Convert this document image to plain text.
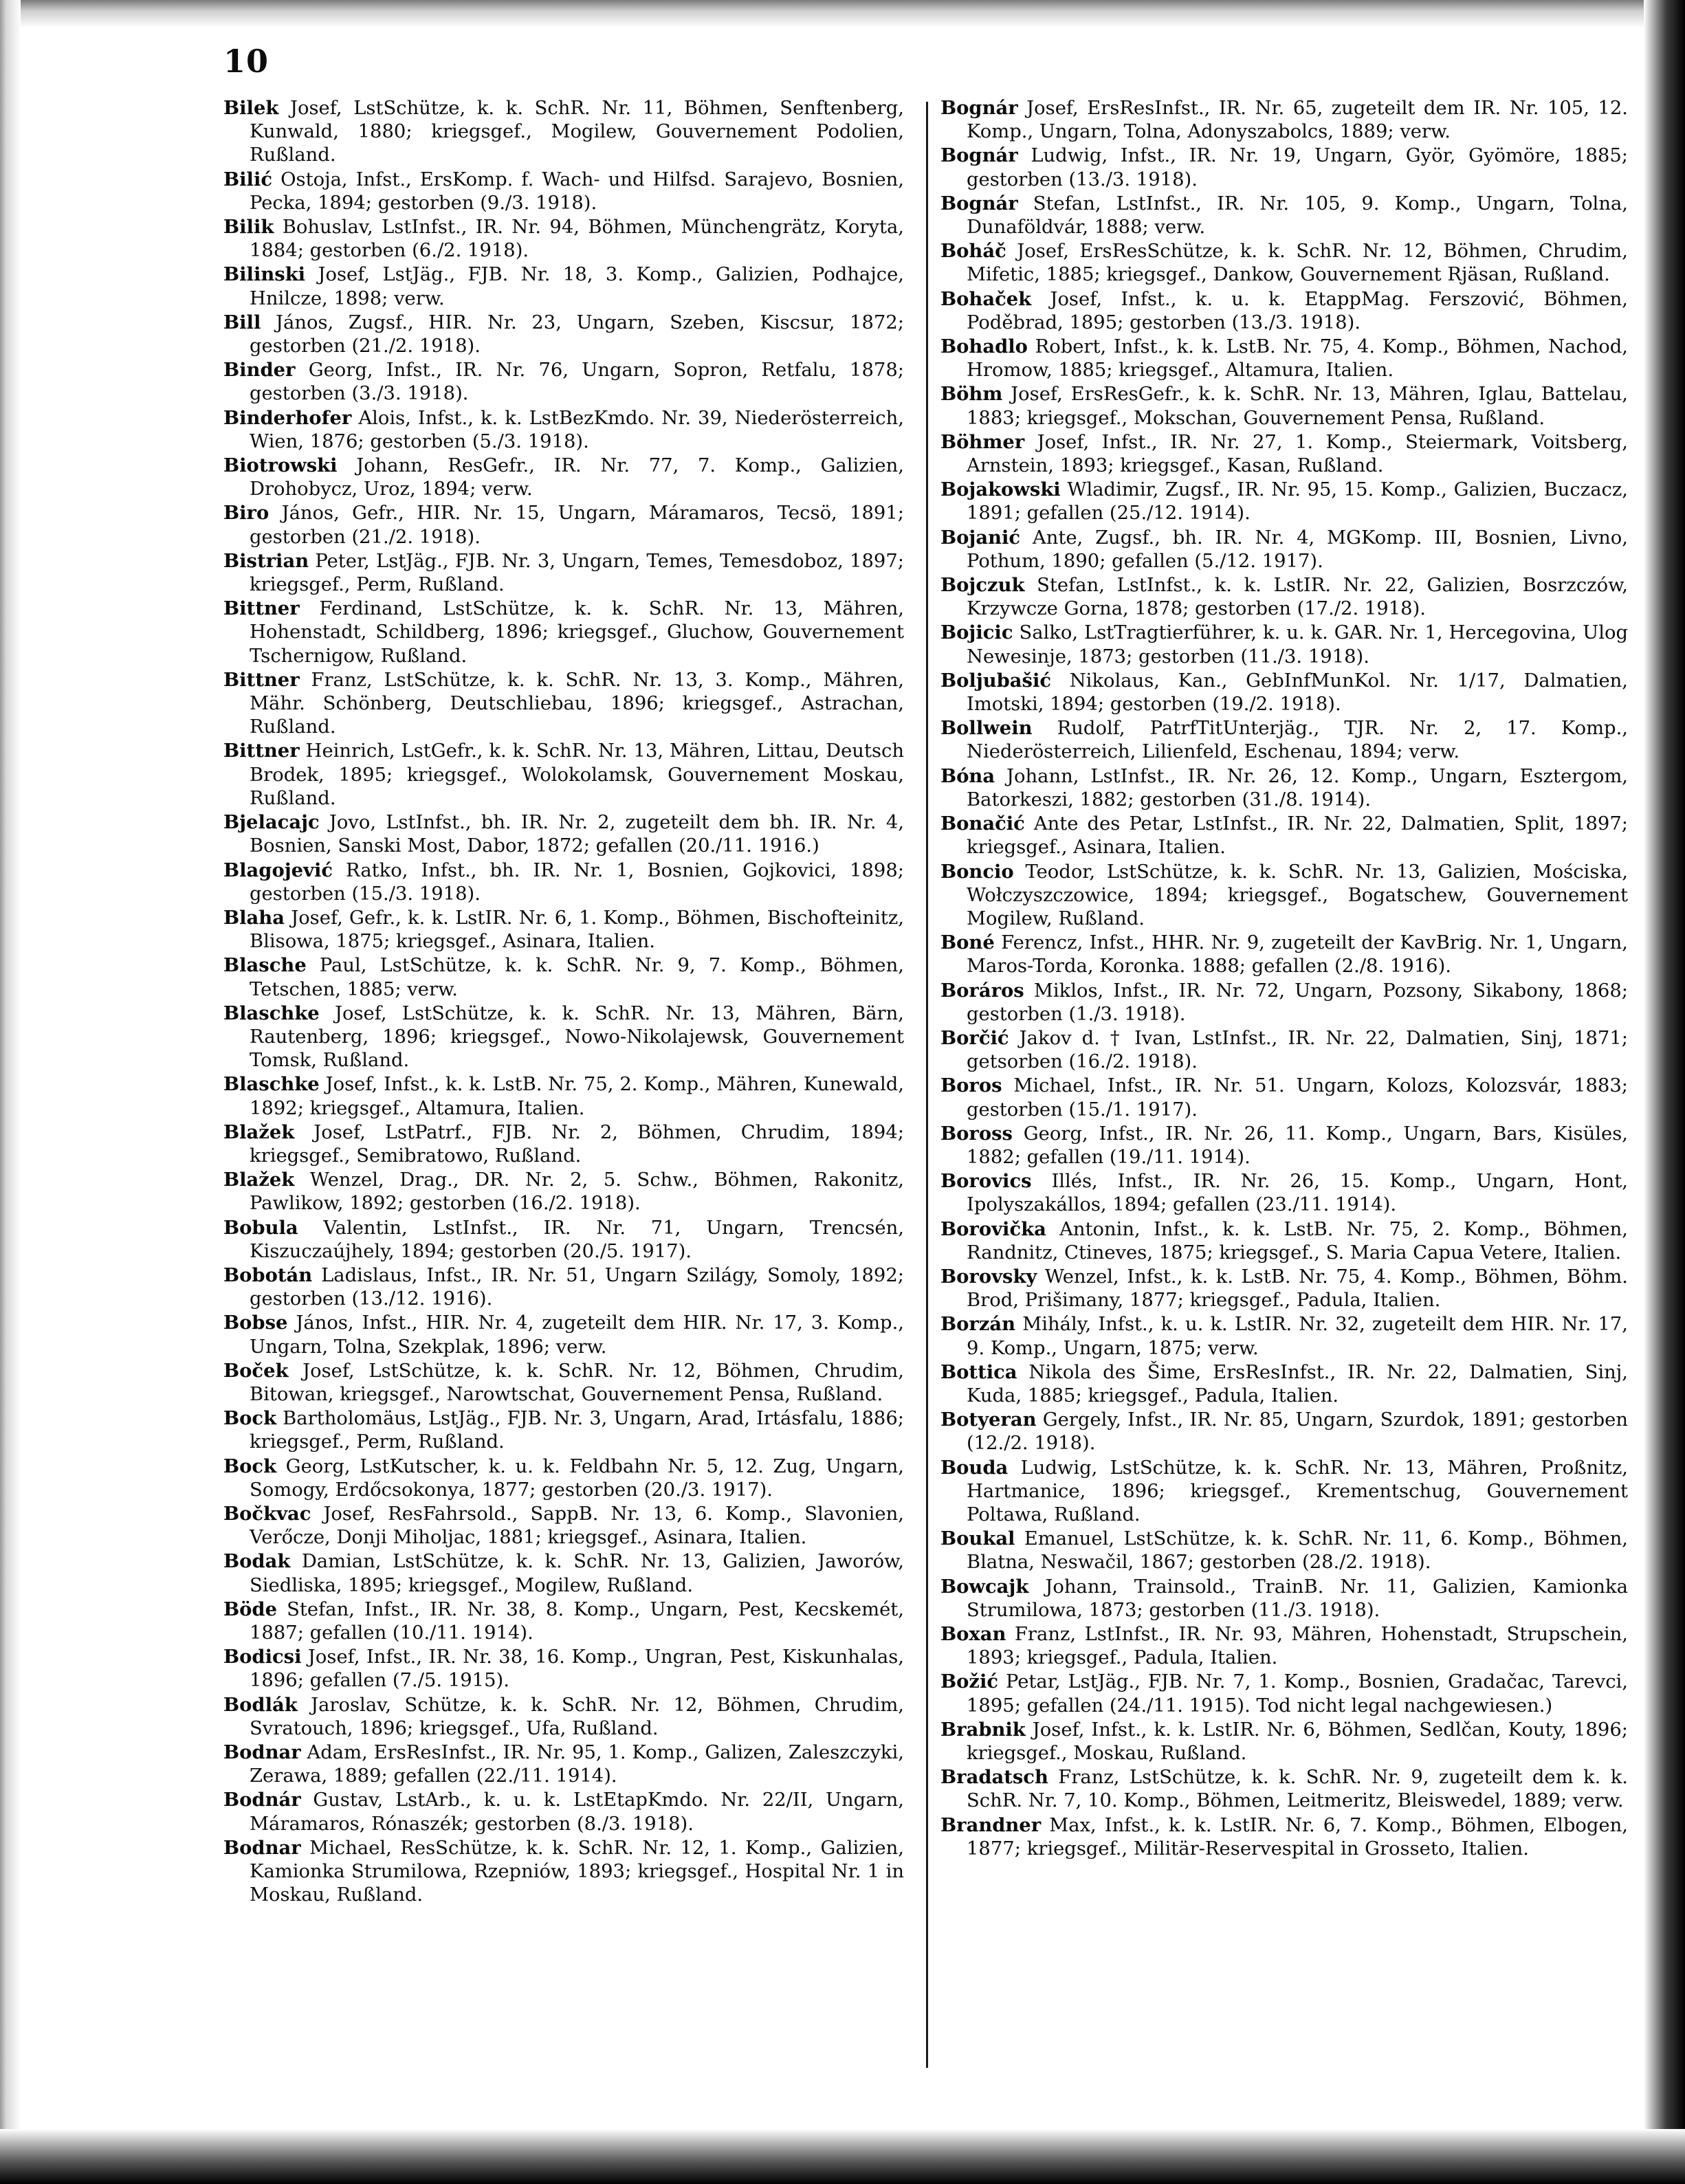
10

Bilek Josef, LstSchütze, k. k. SchR. Nr. 11, Böhmen, Senftenberg, Kunwald, 1880; kriegsgef., Mogilew, Gouvernement Podolien, Rußland.

Bilić Ostoja, Infst., ErsKomp. f. Wach- und Hilfsd. Sarajevo, Bosnien, Pecka, 1894; gestorben (9./3. 1918).

Bilik Bohuslav, LstInfst., IR. Nr. 94, Böhmen, Münchengrätz, Koryta, 1884; gestorben (6./2. 1918).

Bilinski Josef, LstJäg., FJB. Nr. 18, 3. Komp., Galizien, Podhajce, Hnilcze, 1898; verw.

Bill János, Zugsf., HIR. Nr. 23, Ungarn, Szeben, Kiscsur, 1872; gestorben (21./2. 1918).

Binder Georg, Infst., IR. Nr. 76, Ungarn, Sopron, Retfalu, 1878; gestorben (3./3. 1918).

Binderhofer Alois, Infst., k. k. LstBezKmdo. Nr. 39, Niederösterreich, Wien, 1876; gestorben (5./3. 1918).

Biotrowski Johann, ResGefr., IR. Nr. 77, 7. Komp., Galizien, Drohobycz, Uroz, 1894; verw.

Biro János, Gefr., HIR. Nr. 15, Ungarn, Máramaros, Tecsö, 1891; gestorben (21./2. 1918).

Bistrian Peter, LstJäg., FJB. Nr. 3, Ungarn, Temes, Temesdoboz, 1897; kriegsgef., Perm, Rußland.

Bittner Ferdinand, LstSchütze, k. k. SchR. Nr. 13, Mähren, Hohenstadt, Schildberg, 1896; kriegsgef., Gluchow, Gouvernement Tschernigow, Rußland.

Bittner Franz, LstSchütze, k. k. SchR. Nr. 13, 3. Komp., Mähren, Mähr. Schönberg, Deutschliebau, 1896; kriegsgef., Astrachan, Rußland.

Bittner Heinrich, LstGefr., k. k. SchR. Nr. 13, Mähren, Littau, Deutsch Brodek, 1895; kriegsgef., Wolokolamsk, Gouvernement Moskau, Rußland.

Bjelacajc Jovo, LstInfst., bh. IR. Nr. 2, zugeteilt dem bh. IR. Nr. 4, Bosnien, Sanski Most, Dabor, 1872; gefallen (20./11. 1916.)

Blagojević Ratko, Infst., bh. IR. Nr. 1, Bosnien, Gojkovici, 1898; gestorben (15./3. 1918).

Blaha Josef, Gefr., k. k. LstIR. Nr. 6, 1. Komp., Böhmen, Bischofteinitz, Blisowa, 1875; kriegsgef., Asinara, Italien.

Blasche Paul, LstSchütze, k. k. SchR. Nr. 9, 7. Komp., Böhmen, Tetschen, 1885; verw.

Blaschke Josef, LstSchütze, k. k. SchR. Nr. 13, Mähren, Bärn, Rautenberg, 1896; kriegsgef., Nowo-Nikolajewsk, Gouvernement Tomsk, Rußland.

Blaschke Josef, Infst., k. k. LstB. Nr. 75, 2. Komp., Mähren, Kunewald, 1892; kriegsgef., Altamura, Italien.

Blažek Josef, LstPatrf., FJB. Nr. 2, Böhmen, Chrudim, 1894; kriegsgef., Semibratowo, Rußland.

Blažek Wenzel, Drag., DR. Nr. 2, 5. Schw., Böhmen, Rakonitz, Pawlikow, 1892; gestorben (16./2. 1918).

Bobula Valentin, LstInfst., IR. Nr. 71, Ungarn, Trencsén, Kiszuczaújhely, 1894; gestorben (20./5. 1917).

Bobotán Ladislaus, Infst., IR. Nr. 51, Ungarn Szilágy, Somoly, 1892; gestorben (13./12. 1916).

Bobse János, Infst., HIR. Nr. 4, zugeteilt dem HIR. Nr. 17, 3. Komp., Ungarn, Tolna, Szekplak, 1896; verw.

Boček Josef, LstSchütze, k. k. SchR. Nr. 12, Böhmen, Chrudim, Bitowan, kriegsgef., Narowtschat, Gouvernement Pensa, Rußland.

Bock Bartholomäus, LstJäg., FJB. Nr. 3, Ungarn, Arad, Irtásfalu, 1886; kriegsgef., Perm, Rußland.

Bock Georg, LstKutscher, k. u. k. Feldbahn Nr. 5, 12. Zug, Ungarn, Somogy, Erdőcsokonya, 1877; gestorben (20./3. 1917).

Bočkvac Josef, ResFahrsold., SappB. Nr. 13, 6. Komp., Slavonien, Verőcze, Donji Miholjac, 1881; kriegsgef., Asinara, Italien.

Bodak Damian, LstSchütze, k. k. SchR. Nr. 13, Galizien, Jaworów, Siedliska, 1895; kriegsgef., Mogilew, Rußland.

Böde Stefan, Infst., IR. Nr. 38, 8. Komp., Ungarn, Pest, Kecskemét, 1887; gefallen (10./11. 1914).

Bodicsi Josef, Infst., IR. Nr. 38, 16. Komp., Ungran, Pest, Kiskunhalas, 1896; gefallen (7./5. 1915).

Bodlák Jaroslav, Schütze, k. k. SchR. Nr. 12, Böhmen, Chrudim, Svratouch, 1896; kriegsgef., Ufa, Rußland.

Bodnar Adam, ErsResInfst., IR. Nr. 95, 1. Komp., Galizen, Zaleszczyki, Zerawa, 1889; gefallen (22./11. 1914).

Bodnár Gustav, LstArb., k. u. k. LstEtapKmdo. Nr. 22/II, Ungarn, Máramaros, Rónaszék; gestorben (8./3. 1918).

Bodnar Michael, ResSchütze, k. k. SchR. Nr. 12, 1. Komp., Galizien, Kamionka Strumilowa, Rzepniów, 1893; kriegsgef., Hospital Nr. 1 in Moskau, Rußland.

Bognár Josef, ErsResInfst., IR. Nr. 65, zugeteilt dem IR. Nr. 105, 12. Komp., Ungarn, Tolna, Adonyszabolcs, 1889; verw.

Bognár Ludwig, Infst., IR. Nr. 19, Ungarn, Györ, Gyömöre, 1885; gestorben (13./3. 1918).

Bognár Stefan, LstInfst., IR. Nr. 105, 9. Komp., Ungarn, Tolna, Dunaföldvár, 1888; verw.

Boháč Josef, ErsResSchütze, k. k. SchR. Nr. 12, Böhmen, Chrudim, Mifetic, 1885; kriegsgef., Dankow, Gouvernement Rjäsan, Rußland.

Bohaček Josef, Infst., k. u. k. EtappMag. Ferszović, Böhmen, Poděbrad, 1895; gestorben (13./3. 1918).

Bohadlo Robert, Infst., k. k. LstB. Nr. 75, 4. Komp., Böhmen, Nachod, Hromow, 1885; kriegsgef., Altamura, Italien.

Böhm Josef, ErsResGefr., k. k. SchR. Nr. 13, Mähren, Iglau, Battelau, 1883; kriegsgef., Mokschan, Gouvernement Pensa, Rußland.

Böhmer Josef, Infst., IR. Nr. 27, 1. Komp., Steiermark, Voitsberg, Arnstein, 1893; kriegsgef., Kasan, Rußland.

Bojakowski Wladimir, Zugsf., IR. Nr. 95, 15. Komp., Galizien, Buczacz, 1891; gefallen (25./12. 1914).

Bojanić Ante, Zugsf., bh. IR. Nr. 4, MGKomp. III, Bosnien, Livno, Pothum, 1890; gefallen (5./12. 1917).

Bojczuk Stefan, LstInfst., k. k. LstIR. Nr. 22, Galizien, Bosrzczów, Krzywcze Gorna, 1878; gestorben (17./2. 1918).

Bojicic Salko, LstTragtierführer, k. u. k. GAR. Nr. 1, Hercegovina, Ulog Newesinje, 1873; gestorben (11./3. 1918).

Boljubašić Nikolaus, Kan., GebInfMunKol. Nr. 1/17, Dalmatien, Imotski, 1894; gestorben (19./2. 1918).

Bollwein Rudolf, PatrfTitUnterjäg., TJR. Nr. 2, 17. Komp., Niederösterreich, Lilienfeld, Eschenau, 1894; verw.

Bóna Johann, LstInfst., IR. Nr. 26, 12. Komp., Ungarn, Esztergom, Batorkeszi, 1882; gestorben (31./8. 1914).

Bonačić Ante des Petar, LstInfst., IR. Nr. 22, Dalmatien, Split, 1897; kriegsgef., Asinara, Italien.

Boncio Teodor, LstSchütze, k. k. SchR. Nr. 13, Galizien, Mościska, Wołczyszczowice, 1894; kriegsgef., Bogatschew, Gouvernement Mogilew, Rußland.

Boné Ferencz, Infst., HHR. Nr. 9, zugeteilt der KavBrig. Nr. 1, Ungarn, Maros-Torda, Koronka. 1888; gefallen (2./8. 1916).

Boráros Miklos, Infst., IR. Nr. 72, Ungarn, Pozsony, Sikabony, 1868; gestorben (1./3. 1918).

Borčić Jakov d. † Ivan, LstInfst., IR. Nr. 22, Dalmatien, Sinj, 1871; getsorben (16./2. 1918).

Boros Michael, Infst., IR. Nr. 51. Ungarn, Kolozs, Kolozsvár, 1883; gestorben (15./1. 1917).

Boross Georg, Infst., IR. Nr. 26, 11. Komp., Ungarn, Bars, Kisüles, 1882; gefallen (19./11. 1914).

Borovics Illés, Infst., IR. Nr. 26, 15. Komp., Ungarn, Hont, Ipolyszakállos, 1894; gefallen (23./11. 1914).

Borovička Antonin, Infst., k. k. LstB. Nr. 75, 2. Komp., Böhmen, Randnitz, Ctineves, 1875; kriegsgef., S. Maria Capua Vetere, Italien.

Borovsky Wenzel, Infst., k. k. LstB. Nr. 75, 4. Komp., Böhmen, Böhm. Brod, Prišimany, 1877; kriegsgef., Padula, Italien.

Borzán Mihály, Infst., k. u. k. LstIR. Nr. 32, zugeteilt dem HIR. Nr. 17, 9. Komp., Ungarn, 1875; verw.

Bottica Nikola des Šime, ErsResInfst., IR. Nr. 22, Dalmatien, Sinj, Kuda, 1885; kriegsgef., Padula, Italien.

Botyeran Gergely, Infst., IR. Nr. 85, Ungarn, Szurdok, 1891; gestorben (12./2. 1918).

Bouda Ludwig, LstSchütze, k. k. SchR. Nr. 13, Mähren, Proßnitz, Hartmanice, 1896; kriegsgef., Krementschug, Gouvernement Poltawa, Rußland.

Boukal Emanuel, LstSchütze, k. k. SchR. Nr. 11, 6. Komp., Böhmen, Blatna, Neswačil, 1867; gestorben (28./2. 1918).

Bowcajk Johann, Trainsold., TrainB. Nr. 11, Galizien, Kamionka Strumilowa, 1873; gestorben (11./3. 1918).

Boxan Franz, LstInfst., IR. Nr. 93, Mähren, Hohenstadt, Strupschein, 1893; kriegsgef., Padula, Italien.

Božić Petar, LstJäg., FJB. Nr. 7, 1. Komp., Bosnien, Gradačac, Tarevci, 1895; gefallen (24./11. 1915). Tod nicht legal nachgewiesen.)

Brabnik Josef, Infst., k. k. LstIR. Nr. 6, Böhmen, Sedlčan, Kouty, 1896; kriegsgef., Moskau, Rußland.

Bradatsch Franz, LstSchütze, k. k. SchR. Nr. 9, zugeteilt dem k. k. SchR. Nr. 7, 10. Komp., Böhmen, Leitmeritz, Bleiswedel, 1889; verw.

Brandner Max, Infst., k. k. LstIR. Nr. 6, 7. Komp., Böhmen, Elbogen, 1877; kriegsgef., Militär-Reservespital in Grosseto, Italien.
